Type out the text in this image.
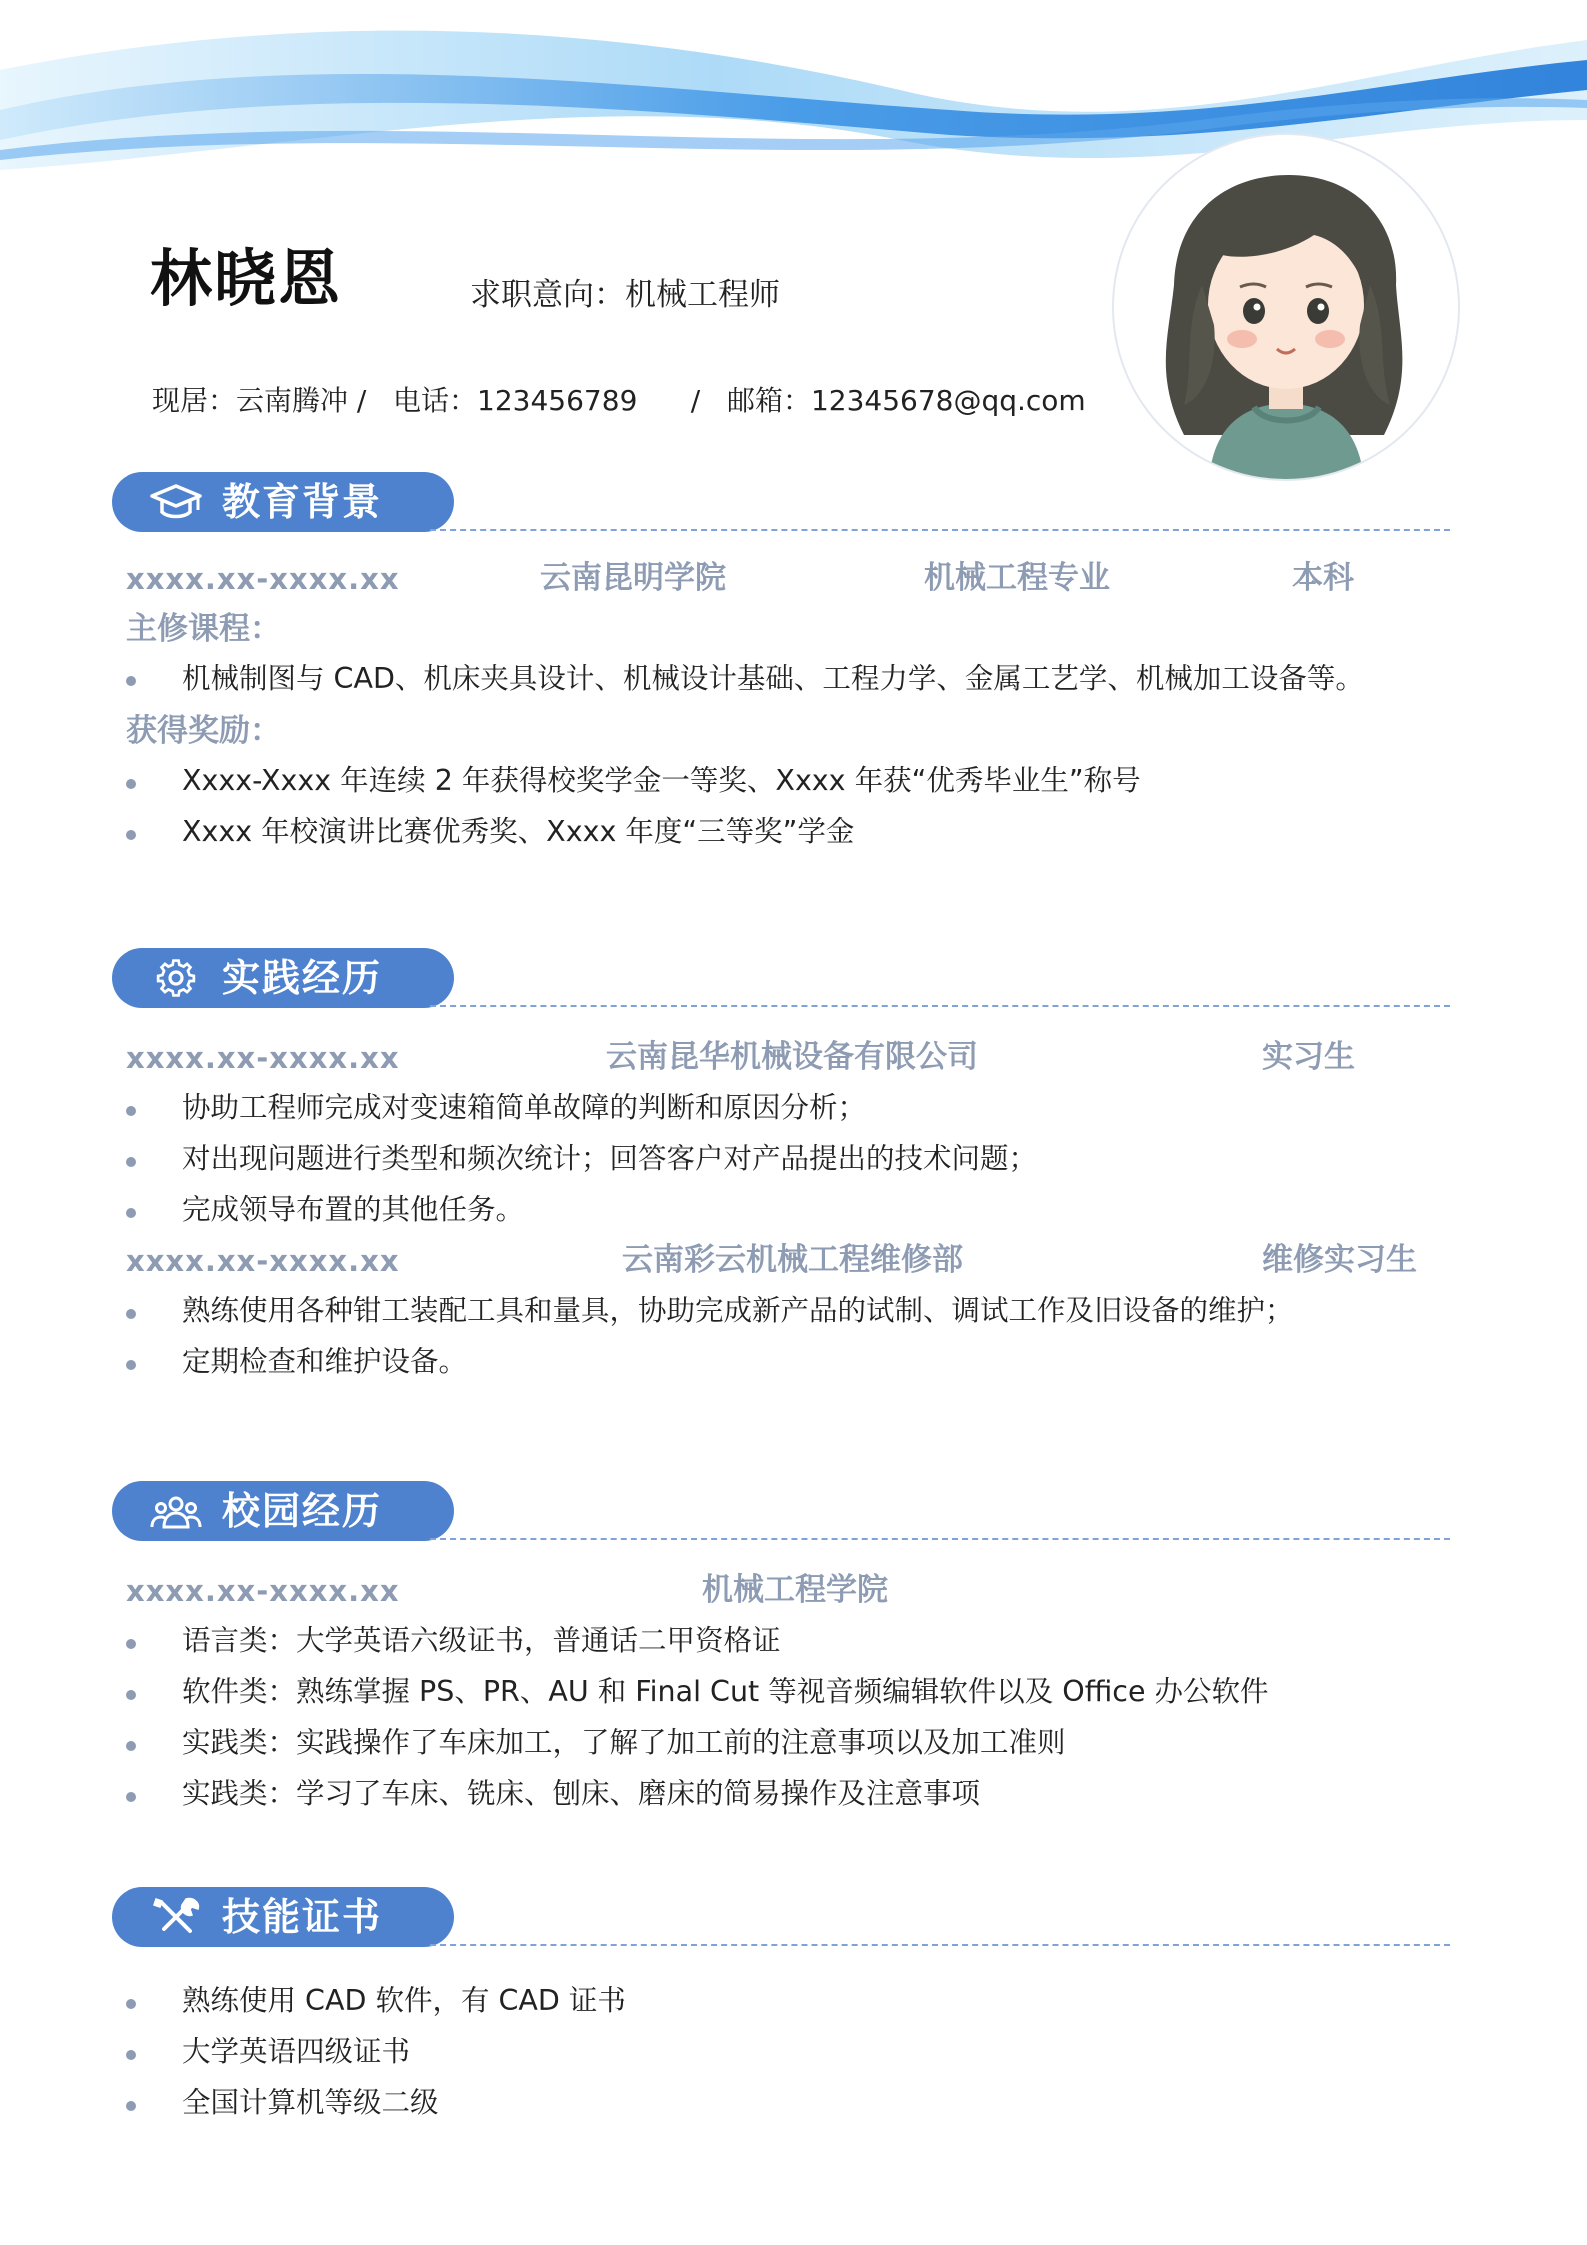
林晓恩	求职意向：机械工程师
现居：云南腾冲 / 电话：123456789 / 邮箱：12345678@qq.com
教育背景
xxxx.xx-xxxx.xx	云南昆明学院	机械工程专业	本科
主修课程：
机械制图与 CAD、机床夹具设计、机械设计基础、工程力学、金属工艺学、机械加工设备等。
获得奖励：
Xxxx-Xxxx 年连续 2 年获得校奖学金一等奖、Xxxx 年获“优秀毕业生”称号
Xxxx 年校演讲比赛优秀奖、Xxxx 年度“三等奖”学金
实践经历
xxxx.xx-xxxx.xx	云南昆华机械设备有限公司	实习生
协助工程师完成对变速箱简单故障的判断和原因分析；
对出现问题进行类型和频次统计；回答客户对产品提出的技术问题；
完成领导布置的其他任务。
xxxx.xx-xxxx.xx	云南彩云机械工程维修部	维修实习生
熟练使用各种钳工装配工具和量具，协助完成新产品的试制、调试工作及旧设备的维护；
定期检查和维护设备。
校园经历
xxxx.xx-xxxx.xx	机械工程学院
语言类：大学英语六级证书，普通话二甲资格证
软件类：熟练掌握 PS、PR、AU 和 Final Cut 等视音频编辑软件以及 Office 办公软件
实践类：实践操作了车床加工，了解了加工前的注意事项以及加工准则
实践类：学习了车床、铣床、刨床、磨床的简易操作及注意事项
技能证书
熟练使用 CAD 软件，有 CAD 证书
大学英语四级证书
全国计算机等级二级
